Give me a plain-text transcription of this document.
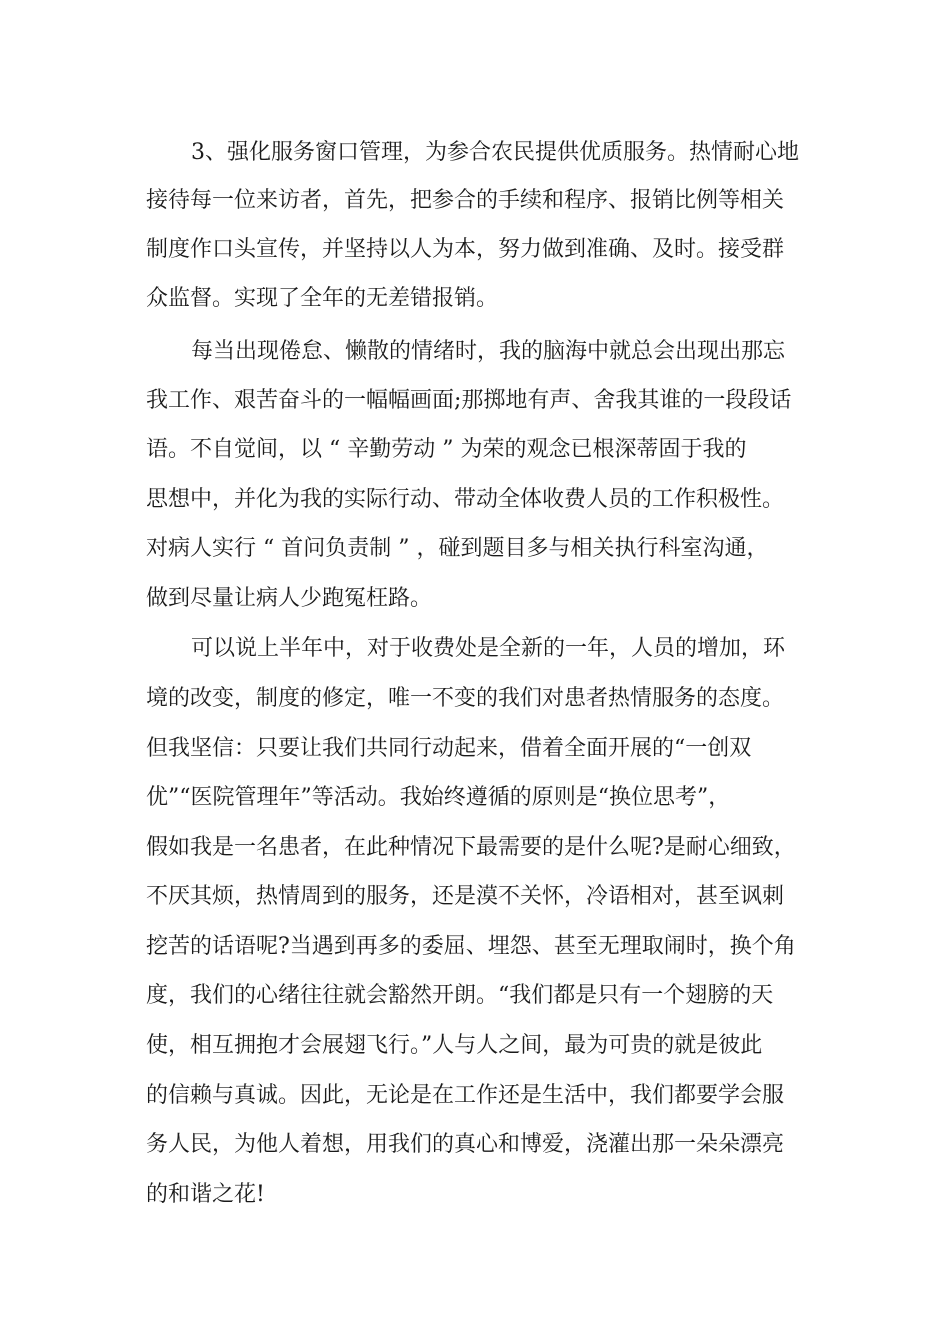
3、强化服务窗口管理，为参合农民提供优质服务。热情耐心地
接待每一位来访者，首先，把参合的手续和程序、报销比例等相关
制度作口头宣传，并坚持以人为本，努力做到准确、及时。接受群
众监督。实现了全年的无差错报销。
每当出现倦怠、懒散的情绪时，我的脑海中就总会出现出那忘
我工作、艰苦奋斗的一幅幅画面;那掷地有声、舍我其谁的一段段话
语。不自觉间，以 “ 辛勤劳动 ” 为荣的观念已根深蒂固于我的
思想中，并化为我的实际行动、带动全体收费人员的工作积极性。
对病人实行 “ 首问负责制 ” ，碰到题目多与相关执行科室沟通，
做到尽量让病人少跑冤枉路。
可以说上半年中，对于收费处是全新的一年，人员的增加，环
境的改变，制度的修定，唯一不变的我们对患者热情服务的态度。
但我坚信：只要让我们共同行动起来，借着全面开展的“一创双
优”“医院管理年”等活动。我始终遵循的原则是“换位思考”，
假如我是一名患者，在此种情况下最需要的是什么呢?是耐心细致，
不厌其烦，热情周到的服务，还是漠不关怀，冷语相对，甚至讽刺
挖苦的话语呢?当遇到再多的委屈、埋怨、甚至无理取闹时，换个角
度，我们的心绪往往就会豁然开朗。“我们都是只有一个翅膀的天
使，相互拥抱才会展翅飞行。”人与人之间，最为可贵的就是彼此
的信赖与真诚。因此，无论是在工作还是生活中，我们都要学会服
务人民，为他人着想，用我们的真心和博爱，浇灌出那一朵朵漂亮
的和谐之花!
